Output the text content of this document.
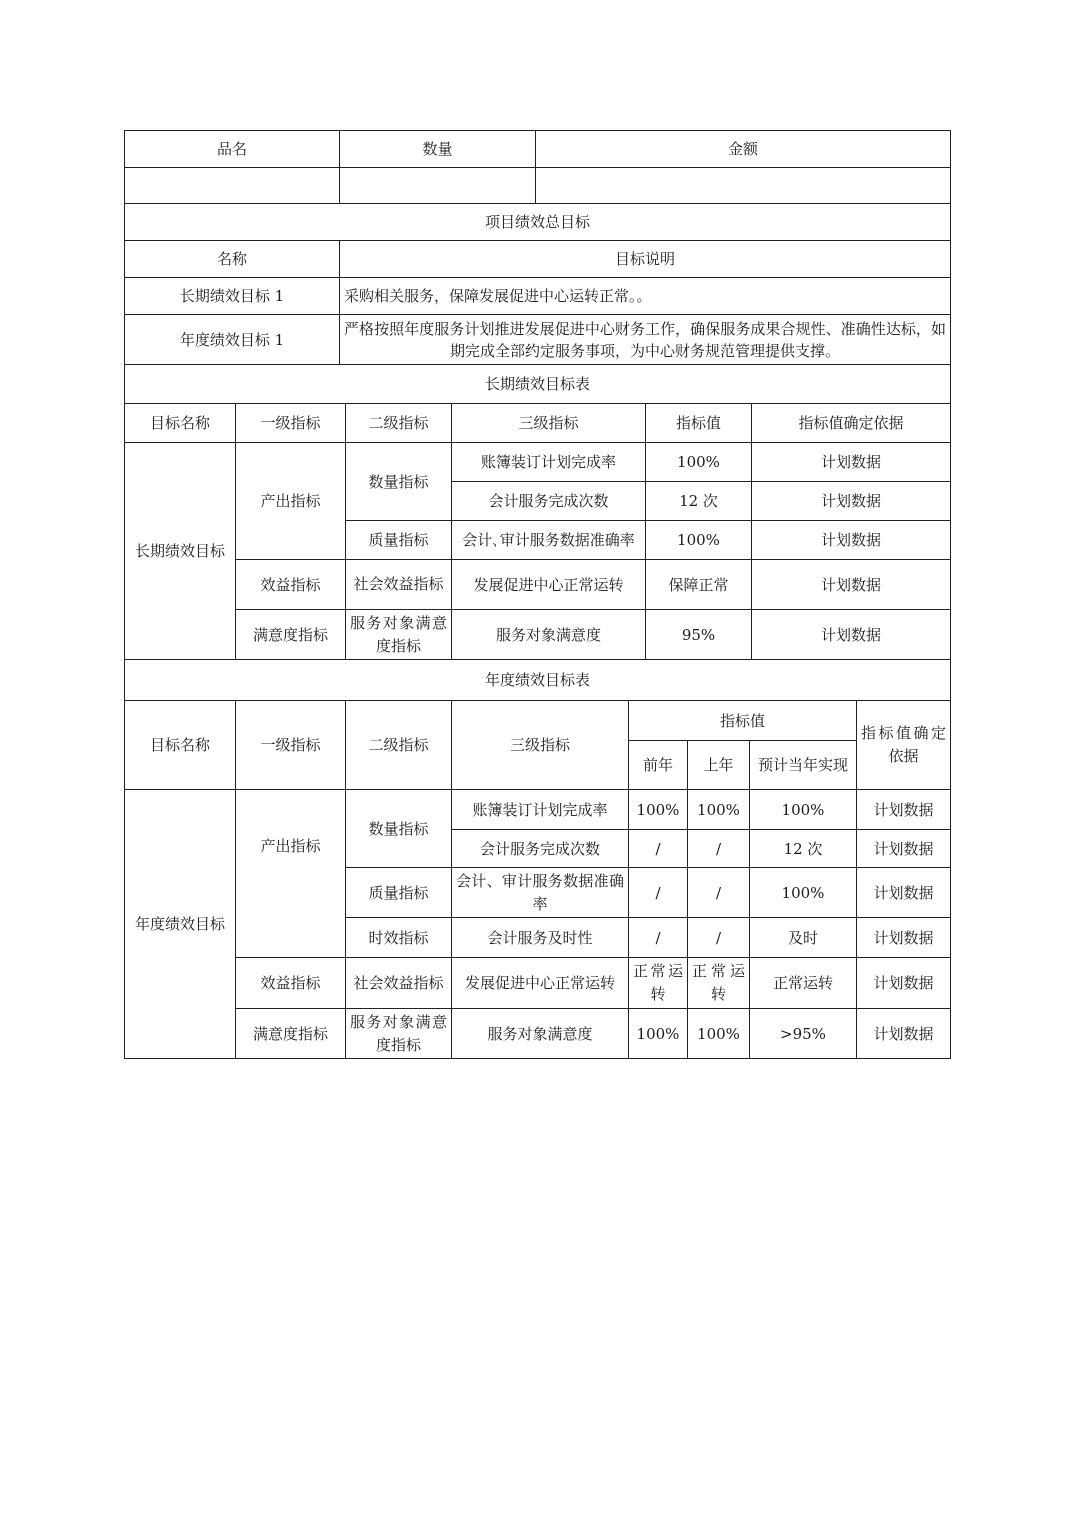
品名	数量	金额

项目绩效总目标		
名称	目标说明	
长期绩效目标 1	采购相关服务，保障发展促进中心运转正常。。	
年度绩效目标 1	严格按照年度服务计划推进发展促进中心财务工作，确保服务成果合规性、准确性达标，如期完成全部约定服务事项，为中心财务规范管理提供支撑。	
长期绩效目标表					
目标名称	一级指标	二级指标	三级指标	指标值	指标值确定依据
长期绩效目标	产出指标	数量指标	账簿装订计划完成率	100%	计划数据
			会计服务完成次数	12 次	计划数据
		质量指标	会计､审计服务数据准确率	100%	计划数据
	效益指标	社会效益指标	发展促进中心正常运转	保障正常	计划数据
	满意度指标	服务对象满意度指标	服务对象满意度	95%	计划数据
年度绩效目标表							
目标名称	一级指标	二级指标	三级指标	指标值			指标值确定依据
				前年	上年	预计当年实现	
年度绩效目标	产出指标	数量指标	账簿装订计划完成率	100%	100%	100%	计划数据
			会计服务完成次数	/	/	12 次	计划数据
		质量指标	会计、审计服务数据准确率	/	/	100%	计划数据
		时效指标	会计服务及时性	/	/	及时	计划数据
	效益指标	社会效益指标	发展促进中心正常运转	正常运转	正常运转	正常运转	计划数据
	满意度指标	服务对象满意度指标	服务对象满意度	100%	100%	>95%	计划数据
